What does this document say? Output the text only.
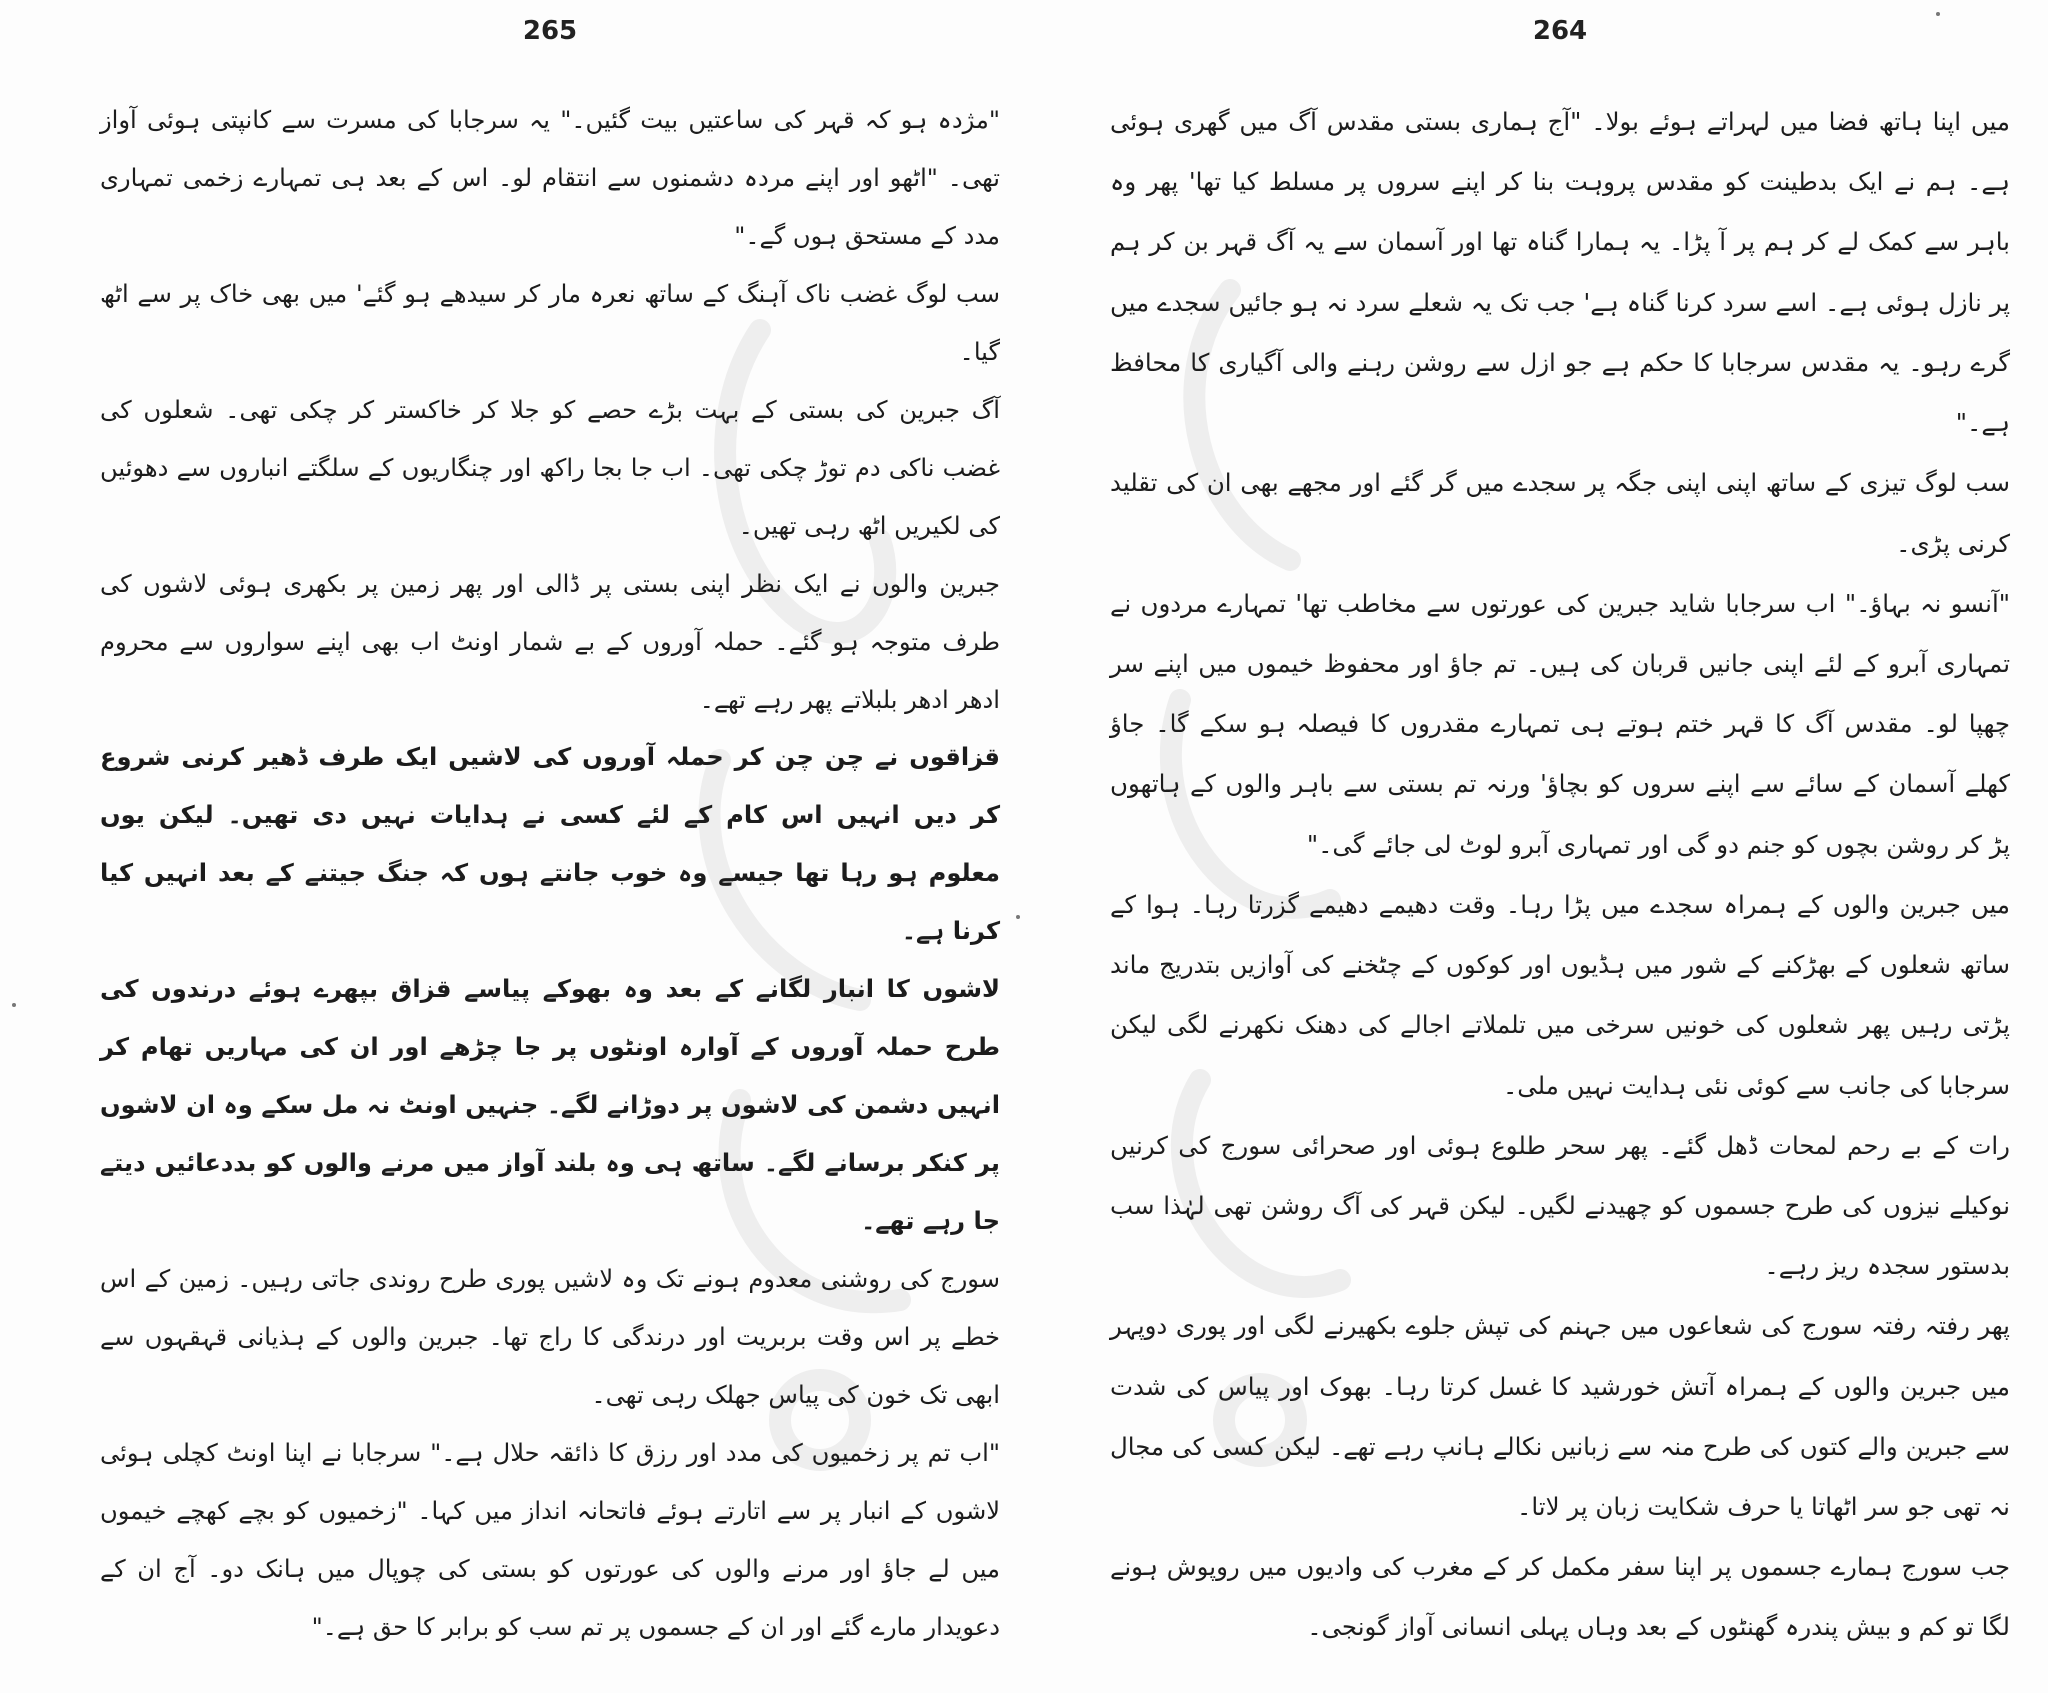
265

"مژدہ ہو کہ قہر کی ساعتیں بیت گئیں۔" یہ سرجابا کی مسرت سے کانپتی ہوئی آواز تھی۔ "اٹھو اور اپنے مردہ دشمنوں سے انتقام لو۔ اس کے بعد ہی تمہارے زخمی تمہاری مدد کے مستحق ہوں گے۔"

سب لوگ غضب ناک آہنگ کے ساتھ نعرہ مار کر سیدھے ہو گئے' میں بھی خاک پر سے اٹھ گیا۔

آگ جبرین کی بستی کے بہت بڑے حصے کو جلا کر خاکستر کر چکی تھی۔ شعلوں کی غضب ناکی دم توڑ چکی تھی۔ اب جا بجا راکھ اور چنگاریوں کے سلگتے انباروں سے دھوئیں کی لکیریں اٹھ رہی تھیں۔

جبرین والوں نے ایک نظر اپنی بستی پر ڈالی اور پھر زمین پر بکھری ہوئی لاشوں کی طرف متوجہ ہو گئے۔ حملہ آوروں کے بے شمار اونٹ اب بھی اپنے سواروں سے محروم ادھر ادھر بلبلاتے پھر رہے تھے۔

قزاقوں نے چن چن کر حملہ آوروں کی لاشیں ایک طرف ڈھیر کرنی شروع کر دیں انہیں اس کام کے لئے کسی نے ہدایات نہیں دی تھیں۔ لیکن یوں معلوم ہو رہا تھا جیسے وہ خوب جانتے ہوں کہ جنگ جیتنے کے بعد انہیں کیا کرنا ہے۔

لاشوں کا انبار لگانے کے بعد وہ بھوکے پیاسے قزاق بپھرے ہوئے درندوں کی طرح حملہ آوروں کے آوارہ اونٹوں پر جا چڑھے اور ان کی مہاریں تھام کر انہیں دشمن کی لاشوں پر دوڑانے لگے۔ جنہیں اونٹ نہ مل سکے وہ ان لاشوں پر کنکر برسانے لگے۔ ساتھ ہی وہ بلند آواز میں مرنے والوں کو بددعائیں دیتے جا رہے تھے۔

سورج کی روشنی معدوم ہونے تک وہ لاشیں پوری طرح روندی جاتی رہیں۔ زمین کے اس خطے پر اس وقت بربریت اور درندگی کا راج تھا۔ جبرین والوں کے ہذیانی قہقہوں سے ابھی تک خون کی پیاس جھلک رہی تھی۔

"اب تم پر زخمیوں کی مدد اور رزق کا ذائقہ حلال ہے۔" سرجابا نے اپنا اونٹ کچلی ہوئی لاشوں کے انبار پر سے اتارتے ہوئے فاتحانہ انداز میں کہا۔ "زخمیوں کو بچے کھچے خیموں میں لے جاؤ اور مرنے والوں کی عورتوں کو بستی کی چوپال میں ہانک دو۔ آج ان کے دعویدار مارے گئے اور ان کے جسموں پر تم سب کو برابر کا حق ہے۔"

264

میں اپنا ہاتھ فضا میں لہراتے ہوئے بولا۔ "آج ہماری بستی مقدس آگ میں گھری ہوئی ہے۔ ہم نے ایک بدطینت کو مقدس پروہت بنا کر اپنے سروں پر مسلط کیا تھا' پھر وہ باہر سے کمک لے کر ہم پر آ پڑا۔ یہ ہمارا گناہ تھا اور آسمان سے یہ آگ قہر بن کر ہم پر نازل ہوئی ہے۔ اسے سرد کرنا گناہ ہے' جب تک یہ شعلے سرد نہ ہو جائیں سجدے میں گرے رہو۔ یہ مقدس سرجابا کا حکم ہے جو ازل سے روشن رہنے والی آگیاری کا محافظ ہے۔"

سب لوگ تیزی کے ساتھ اپنی اپنی جگہ پر سجدے میں گر گئے اور مجھے بھی ان کی تقلید کرنی پڑی۔

"آنسو نہ بہاؤ۔" اب سرجابا شاید جبرین کی عورتوں سے مخاطب تھا' تمہارے مردوں نے تمہاری آبرو کے لئے اپنی جانیں قربان کی ہیں۔ تم جاؤ اور محفوظ خیموں میں اپنے سر چھپا لو۔ مقدس آگ کا قہر ختم ہوتے ہی تمہارے مقدروں کا فیصلہ ہو سکے گا۔ جاؤ کھلے آسمان کے سائے سے اپنے سروں کو بچاؤ' ورنہ تم بستی سے باہر والوں کے ہاتھوں پڑ کر روشن بچوں کو جنم دو گی اور تمہاری آبرو لوٹ لی جائے گی۔"

میں جبرین والوں کے ہمراہ سجدے میں پڑا رہا۔ وقت دھیمے دھیمے گزرتا رہا۔ ہوا کے ساتھ شعلوں کے بھڑکنے کے شور میں ہڈیوں اور کوکوں کے چٹخنے کی آوازیں بتدریج ماند پڑتی رہیں پھر شعلوں کی خونیں سرخی میں تلملاتے اجالے کی دھنک نکھرنے لگی لیکن سرجابا کی جانب سے کوئی نئی ہدایت نہیں ملی۔

رات کے بے رحم لمحات ڈھل گئے۔ پھر سحر طلوع ہوئی اور صحرائی سورج کی کرنیں نوکیلے نیزوں کی طرح جسموں کو چھیدنے لگیں۔ لیکن قہر کی آگ روشن تھی لہٰذا سب بدستور سجدہ ریز رہے۔

پھر رفتہ رفتہ سورج کی شعاعوں میں جہنم کی تپش جلوے بکھیرنے لگی اور پوری دوپہر میں جبرین والوں کے ہمراہ آتش خورشید کا غسل کرتا رہا۔ بھوک اور پیاس کی شدت سے جبرین والے کتوں کی طرح منہ سے زبانیں نکالے ہانپ رہے تھے۔ لیکن کسی کی مجال نہ تھی جو سر اٹھاتا یا حرف شکایت زبان پر لاتا۔

جب سورج ہمارے جسموں پر اپنا سفر مکمل کر کے مغرب کی وادیوں میں روپوش ہونے لگا تو کم و بیش پندرہ گھنٹوں کے بعد وہاں پہلی انسانی آواز گونجی۔
